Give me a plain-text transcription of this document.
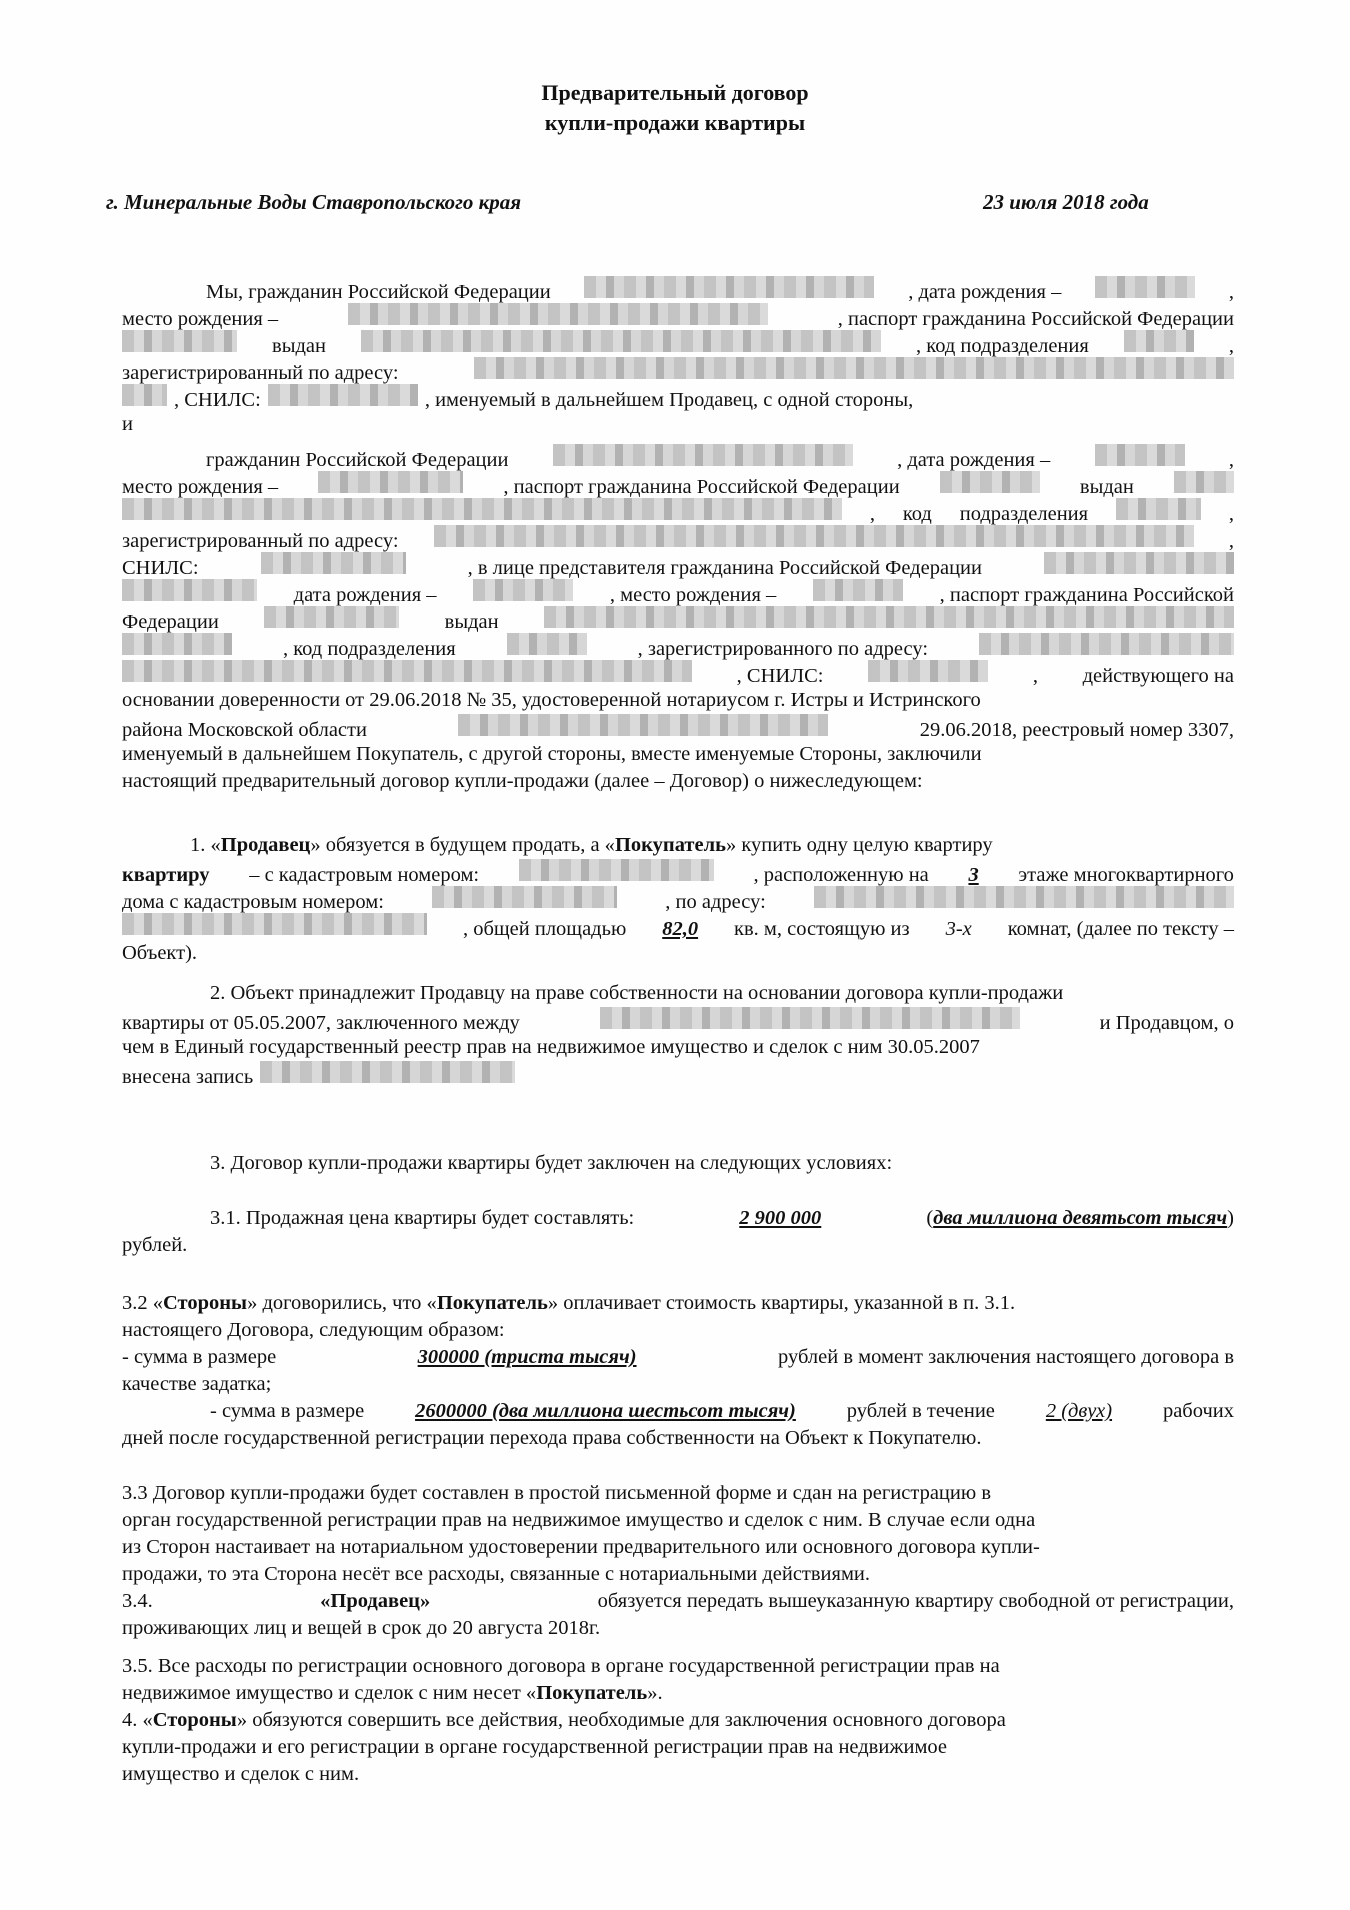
Предварительный договор
купли-продажи квартиры
г. Минеральные Воды Ставропольского края	23 июля 2018 года
Мы, гражданин Российской Федерации	, дата рождения –	,
место рождения –	, паспорт гражданина Российской Федерации
выдан	, код подразделения	,
зарегистрированный по адресу:
, СНИЛС:	, именуемый в дальнейшем Продавец, с одной стороны,
и
гражданин Российской Федерации	, дата рождения –	,
место рождения –	, паспорт гражданина Российской Федерации	выдан
, код подразделения	,
зарегистрированный по адресу:	,
СНИЛС:	, в лице представителя гражданина Российской Федерации
дата рождения –	, место рождения –	, паспорт гражданина Российской
Федерации	выдан
, код подразделения	, зарегистрированного по адресу:
, СНИЛС:	, действующего на
основании доверенности от 29.06.2018 № 35, удостоверенной нотариусом г. Истры и Истринского
района Московской области	29.06.2018, реестровый номер 3307,
именуемый в дальнейшем Покупатель, с другой стороны, вместе именуемые Стороны, заключили
настоящий предварительный договор купли-продажи (далее – Договор) о нижеследующем:
1. «Продавец» обязуется в будущем продать, а «Покупатель» купить одну целую квартиру
квартиру – с кадастровым номером:	, расположенную на 3 этаже многоквартирного
дома с кадастровым номером:	, по адресу:
, общей площадью 82,0 кв. м, состоящую из 3-х комнат, (далее по тексту –
Объект).
2. Объект принадлежит Продавцу на праве собственности на основании договора купли-продажи
квартиры от 05.05.2007, заключенного между	и Продавцом, о
чем в Единый государственный реестр прав на недвижимое имущество и сделок с ним 30.05.2007
внесена запись
3. Договор купли-продажи квартиры будет заключен на следующих условиях:
3.1. Продажная цена квартиры будет составлять:	2 900 000	(два миллиона девятьсот тысяч)
рублей.
3.2 «Стороны» договорились, что «Покупатель» оплачивает стоимость квартиры, указанной в п. 3.1.
настоящего Договора, следующим образом:
- сумма в размере	300000 (триста тысяч)	рублей в момент заключения настоящего договора в
качестве задатка;
- сумма в размере 2600000 (два миллиона шестьсот тысяч) рублей в течение 2 (двух) рабочих
дней после государственной регистрации перехода права собственности на Объект к Покупателю.
3.3 Договор купли-продажи будет составлен в простой письменной форме и сдан на регистрацию в
орган государственной регистрации прав на недвижимое имущество и сделок с ним. В случае если одна
из Сторон настаивает на нотариальном удостоверении предварительного или основного договора купли-
продажи, то эта Сторона несёт все расходы, связанные с нотариальными действиями.
3.4.	«Продавец»	обязуется передать вышеуказанную квартиру свободной от регистрации,
проживающих лиц и вещей в срок до 20 августа 2018г.
3.5. Все расходы по регистрации основного договора в органе государственной регистрации прав на
недвижимое имущество и сделок с ним несет «Покупатель».
4. «Стороны» обязуются совершить все действия, необходимые для заключения основного договора
купли-продажи и его регистрации в органе государственной регистрации прав на недвижимое
имущество и сделок с ним.
